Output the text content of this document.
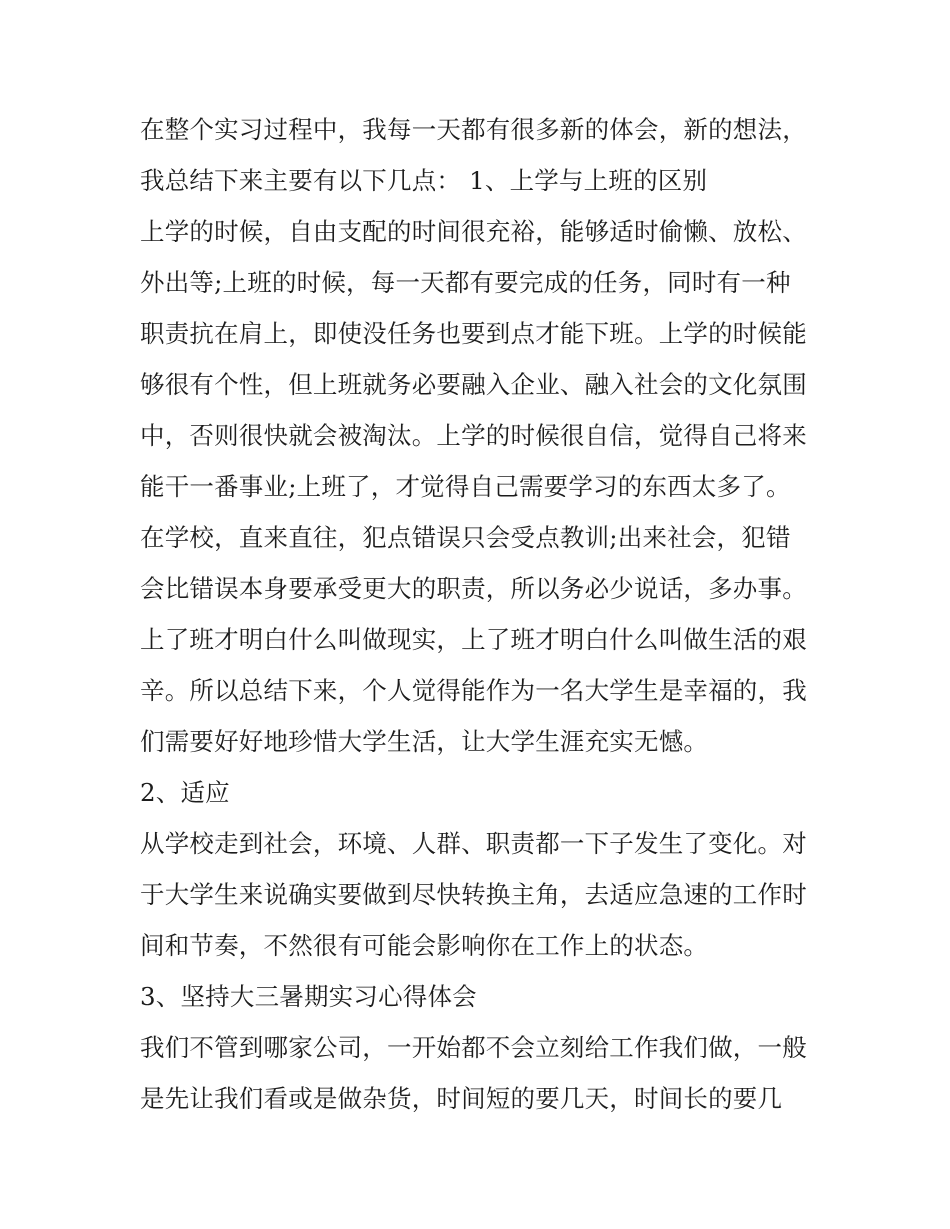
在整个实习过程中，我每一天都有很多新的体会，新的想法，
我总结下来主要有以下几点： 1、上学与上班的区别
上学的时候，自由支配的时间很充裕，能够适时偷懒、放松、
外出等;上班的时候，每一天都有要完成的任务，同时有一种
职责抗在肩上，即使没任务也要到点才能下班。上学的时候能
够很有个性，但上班就务必要融入企业、融入社会的文化氛围
中，否则很快就会被淘汰。上学的时候很自信，觉得自己将来
能干一番事业;上班了，才觉得自己需要学习的东西太多了。
在学校，直来直往，犯点错误只会受点教训;出来社会，犯错
会比错误本身要承受更大的职责，所以务必少说话，多办事。
上了班才明白什么叫做现实，上了班才明白什么叫做生活的艰
辛。所以总结下来，个人觉得能作为一名大学生是幸福的，我
们需要好好地珍惜大学生活，让大学生涯充实无憾。
2、适应
从学校走到社会，环境、人群、职责都一下子发生了变化。对
于大学生来说确实要做到尽快转换主角，去适应急速的工作时
间和节奏，不然很有可能会影响你在工作上的状态。
3、坚持大三暑期实习心得体会
我们不管到哪家公司，一开始都不会立刻给工作我们做，一般
是先让我们看或是做杂货，时间短的要几天，时间长的要几
